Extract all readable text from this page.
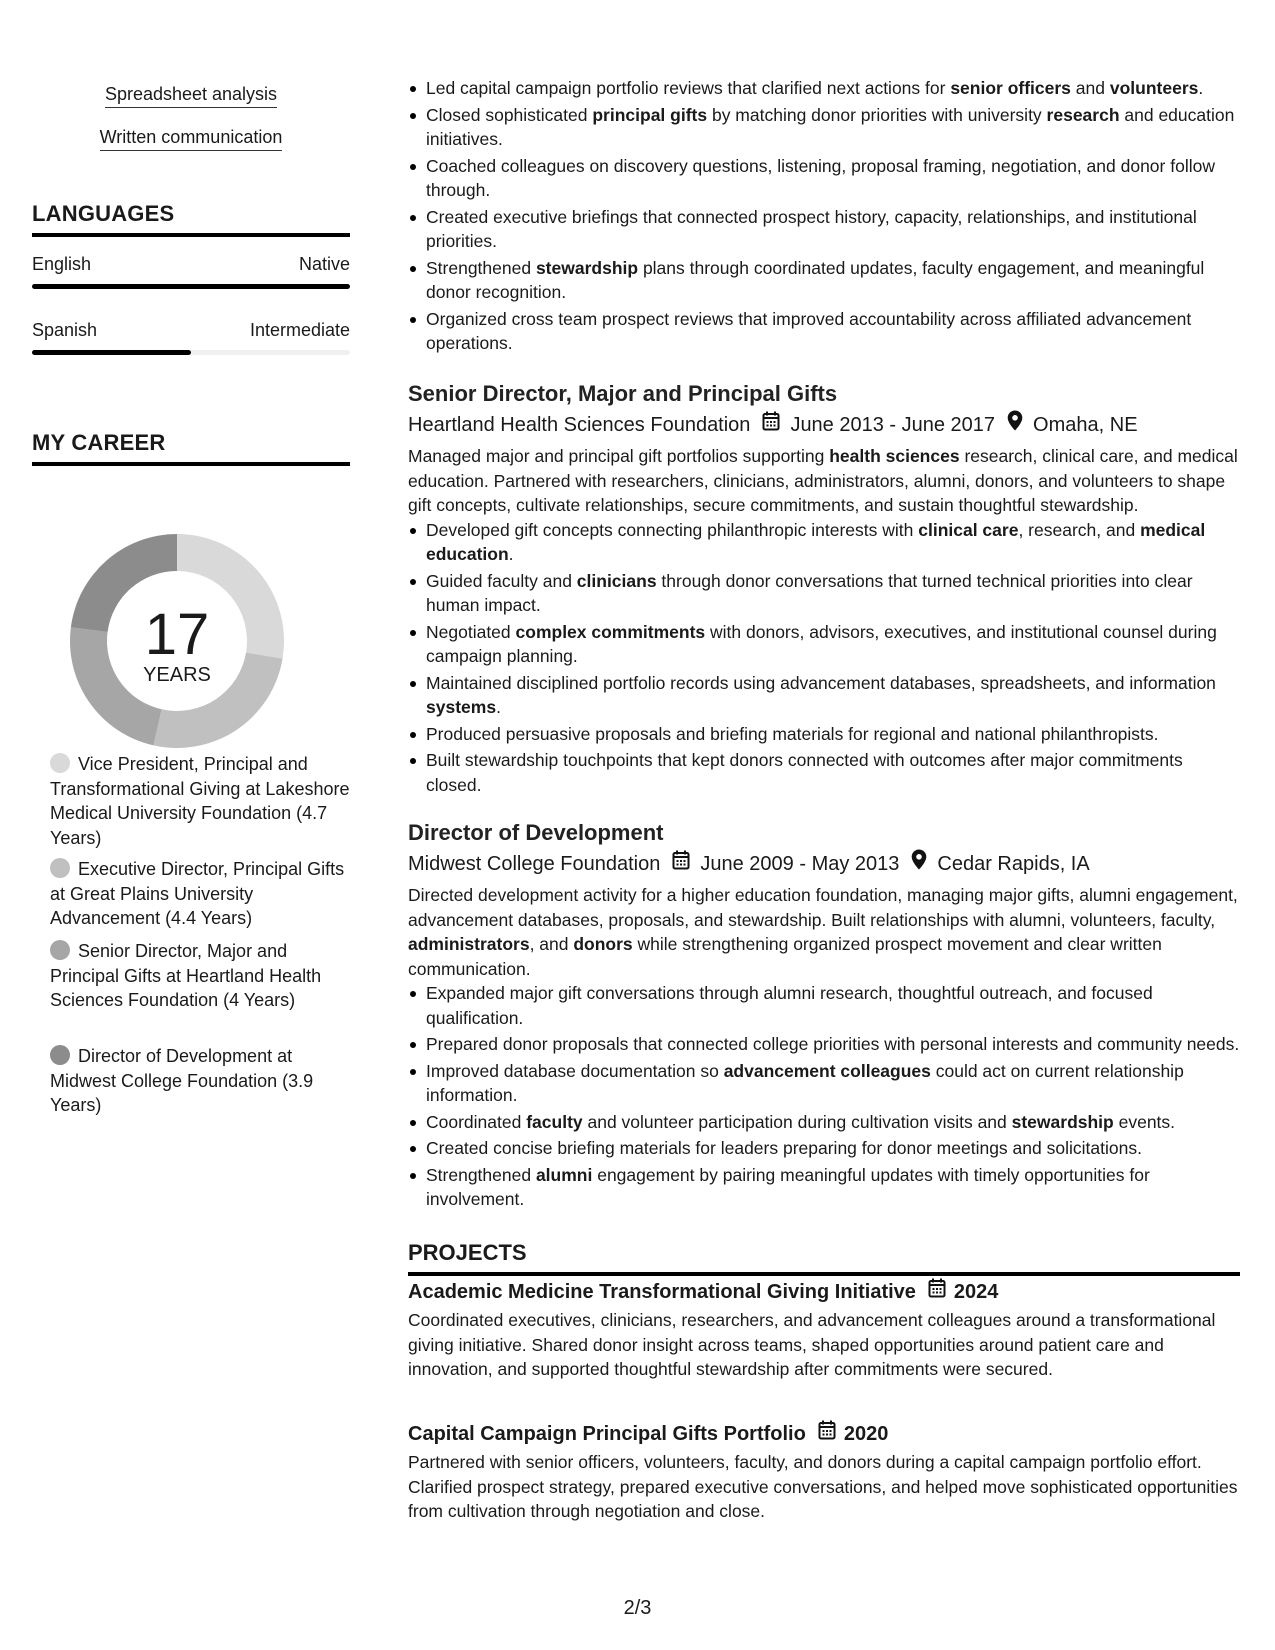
Spreadsheet analysis
Written communication
LANGUAGES
English	Native
Spanish	Intermediate
MY CAREER
17
YEARS
Vice President, Principal and Transformational Giving at Lakeshore Medical University Foundation (4.7 Years)
Executive Director, Principal Gifts at Great Plains University Advancement (4.4 Years)
Senior Director, Major and Principal Gifts at Heartland Health Sciences Foundation (4 Years)
Director of Development at Midwest College Foundation (3.9 Years)
Led capital campaign portfolio reviews that clarified next actions for senior officers and volunteers.
Closed sophisticated principal gifts by matching donor priorities with university research and education initiatives.
Coached colleagues on discovery questions, listening, proposal framing, negotiation, and donor follow through.
Created executive briefings that connected prospect history, capacity, relationships, and institutional priorities.
Strengthened stewardship plans through coordinated updates, faculty engagement, and meaningful donor recognition.
Organized cross team prospect reviews that improved accountability across affiliated advancement operations.
Senior Director, Major and Principal Gifts
Heartland Health Sciences Foundation June 2013 - June 2017 Omaha, NE
Managed major and principal gift portfolios supporting health sciences research, clinical care, and medical education. Partnered with researchers, clinicians, administrators, alumni, donors, and volunteers to shape gift concepts, cultivate relationships, secure commitments, and sustain thoughtful stewardship.
Developed gift concepts connecting philanthropic interests with clinical care, research, and medical education.
Guided faculty and clinicians through donor conversations that turned technical priorities into clear human impact.
Negotiated complex commitments with donors, advisors, executives, and institutional counsel during campaign planning.
Maintained disciplined portfolio records using advancement databases, spreadsheets, and information systems.
Produced persuasive proposals and briefing materials for regional and national philanthropists.
Built stewardship touchpoints that kept donors connected with outcomes after major commitments closed.
Director of Development
Midwest College Foundation June 2009 - May 2013 Cedar Rapids, IA
Directed development activity for a higher education foundation, managing major gifts, alumni engagement, advancement databases, proposals, and stewardship. Built relationships with alumni, volunteers, faculty, administrators, and donors while strengthening organized prospect movement and clear written communication.
Expanded major gift conversations through alumni research, thoughtful outreach, and focused qualification.
Prepared donor proposals that connected college priorities with personal interests and community needs.
Improved database documentation so advancement colleagues could act on current relationship information.
Coordinated faculty and volunteer participation during cultivation visits and stewardship events.
Created concise briefing materials for leaders preparing for donor meetings and solicitations.
Strengthened alumni engagement by pairing meaningful updates with timely opportunities for involvement.
PROJECTS
Academic Medicine Transformational Giving Initiative 2024
Coordinated executives, clinicians, researchers, and advancement colleagues around a transformational giving initiative. Shared donor insight across teams, shaped opportunities around patient care and innovation, and supported thoughtful stewardship after commitments were secured.
Capital Campaign Principal Gifts Portfolio 2020
Partnered with senior officers, volunteers, faculty, and donors during a capital campaign portfolio effort. Clarified prospect strategy, prepared executive conversations, and helped move sophisticated opportunities from cultivation through negotiation and close.
2/3
